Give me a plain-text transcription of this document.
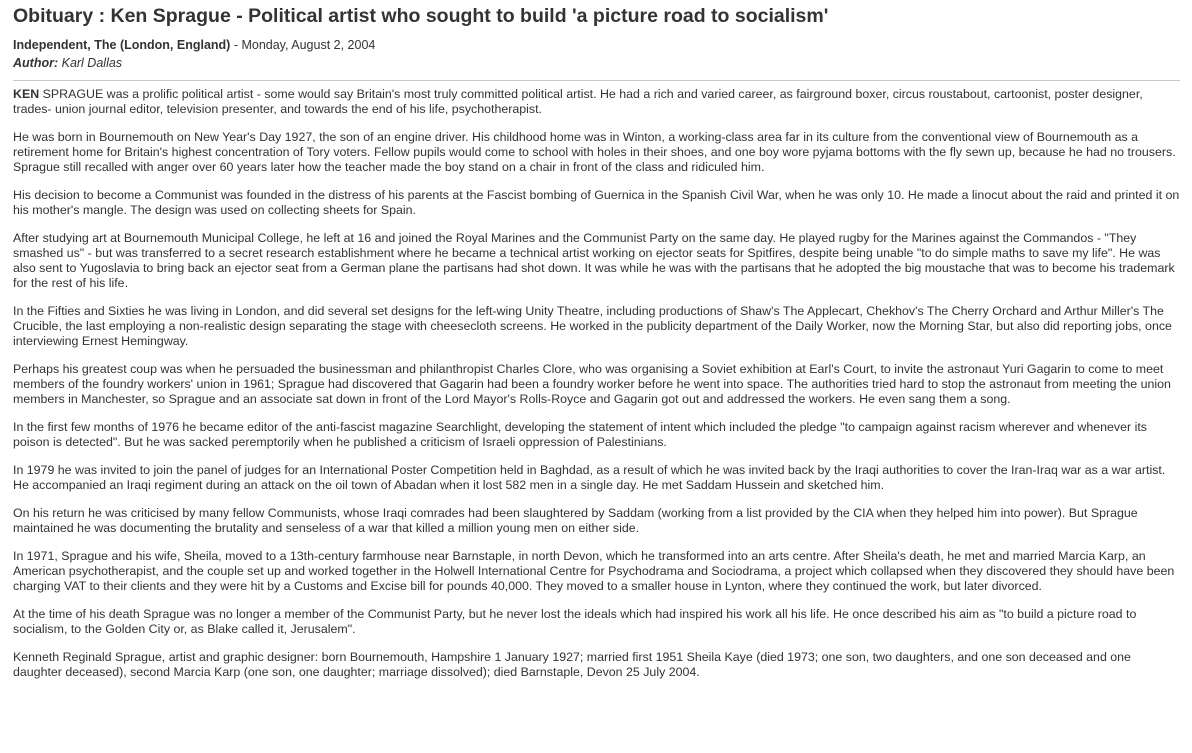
Obituary : Ken Sprague - Political artist who sought to build 'a picture road to socialism'
Independent, The (London, England) - Monday, August 2, 2004
Author: Karl Dallas

KEN SPRAGUE was a prolific political artist - some would say Britain's most truly committed political artist. He had a rich and varied career, as fairground boxer, circus roustabout, cartoonist, poster designer, trades- union journal editor, television presenter, and towards the end of his life, psychotherapist.

He was born in Bournemouth on New Year's Day 1927, the son of an engine driver. His childhood home was in Winton, a working-class area far in its culture from the conventional view of Bournemouth as a retirement home for Britain's highest concentration of Tory voters. Fellow pupils would come to school with holes in their shoes, and one boy wore pyjama bottoms with the fly sewn up, because he had no trousers. Sprague still recalled with anger over 60 years later how the teacher made the boy stand on a chair in front of the class and ridiculed him.

His decision to become a Communist was founded in the distress of his parents at the Fascist bombing of Guernica in the Spanish Civil War, when he was only 10. He made a linocut about the raid and printed it on his mother's mangle. The design was used on collecting sheets for Spain.

After studying art at Bournemouth Municipal College, he left at 16 and joined the Royal Marines and the Communist Party on the same day. He played rugby for the Marines against the Commandos - "They smashed us" - but was transferred to a secret research establishment where he became a technical artist working on ejector seats for Spitfires, despite being unable "to do simple maths to save my life". He was also sent to Yugoslavia to bring back an ejector seat from a German plane the partisans had shot down. It was while he was with the partisans that he adopted the big moustache that was to become his trademark for the rest of his life.

In the Fifties and Sixties he was living in London, and did several set designs for the left-wing Unity Theatre, including productions of Shaw's The Applecart, Chekhov's The Cherry Orchard and Arthur Miller's The Crucible, the last employing a non-realistic design separating the stage with cheesecloth screens. He worked in the publicity department of the Daily Worker, now the Morning Star, but also did reporting jobs, once interviewing Ernest Hemingway.

Perhaps his greatest coup was when he persuaded the businessman and philanthropist Charles Clore, who was organising a Soviet exhibition at Earl's Court, to invite the astronaut Yuri Gagarin to come to meet members of the foundry workers' union in 1961; Sprague had discovered that Gagarin had been a foundry worker before he went into space. The authorities tried hard to stop the astronaut from meeting the union members in Manchester, so Sprague and an associate sat down in front of the Lord Mayor's Rolls-Royce and Gagarin got out and addressed the workers. He even sang them a song.

In the first few months of 1976 he became editor of the anti-fascist magazine Searchlight, developing the statement of intent which included the pledge "to campaign against racism wherever and whenever its poison is detected". But he was sacked peremptorily when he published a criticism of Israeli oppression of Palestinians.

In 1979 he was invited to join the panel of judges for an International Poster Competition held in Baghdad, as a result of which he was invited back by the Iraqi authorities to cover the Iran-Iraq war as a war artist. He accompanied an Iraqi regiment during an attack on the oil town of Abadan when it lost 582 men in a single day. He met Saddam Hussein and sketched him.

On his return he was criticised by many fellow Communists, whose Iraqi comrades had been slaughtered by Saddam (working from a list provided by the CIA when they helped him into power). But Sprague maintained he was documenting the brutality and senseless of a war that killed a million young men on either side.

In 1971, Sprague and his wife, Sheila, moved to a 13th-century farmhouse near Barnstaple, in north Devon, which he transformed into an arts centre. After Sheila's death, he met and married Marcia Karp, an American psychotherapist, and the couple set up and worked together in the Holwell International Centre for Psychodrama and Sociodrama, a project which collapsed when they discovered they should have been charging VAT to their clients and they were hit by a Customs and Excise bill for pounds 40,000. They moved to a smaller house in Lynton, where they continued the work, but later divorced.

At the time of his death Sprague was no longer a member of the Communist Party, but he never lost the ideals which had inspired his work all his life. He once described his aim as "to build a picture road to socialism, to the Golden City or, as Blake called it, Jerusalem".

Kenneth Reginald Sprague, artist and graphic designer: born Bournemouth, Hampshire 1 January 1927; married first 1951 Sheila Kaye (died 1973; one son, two daughters, and one son deceased and one daughter deceased), second Marcia Karp (one son, one daughter; marriage dissolved); died Barnstaple, Devon 25 July 2004.
